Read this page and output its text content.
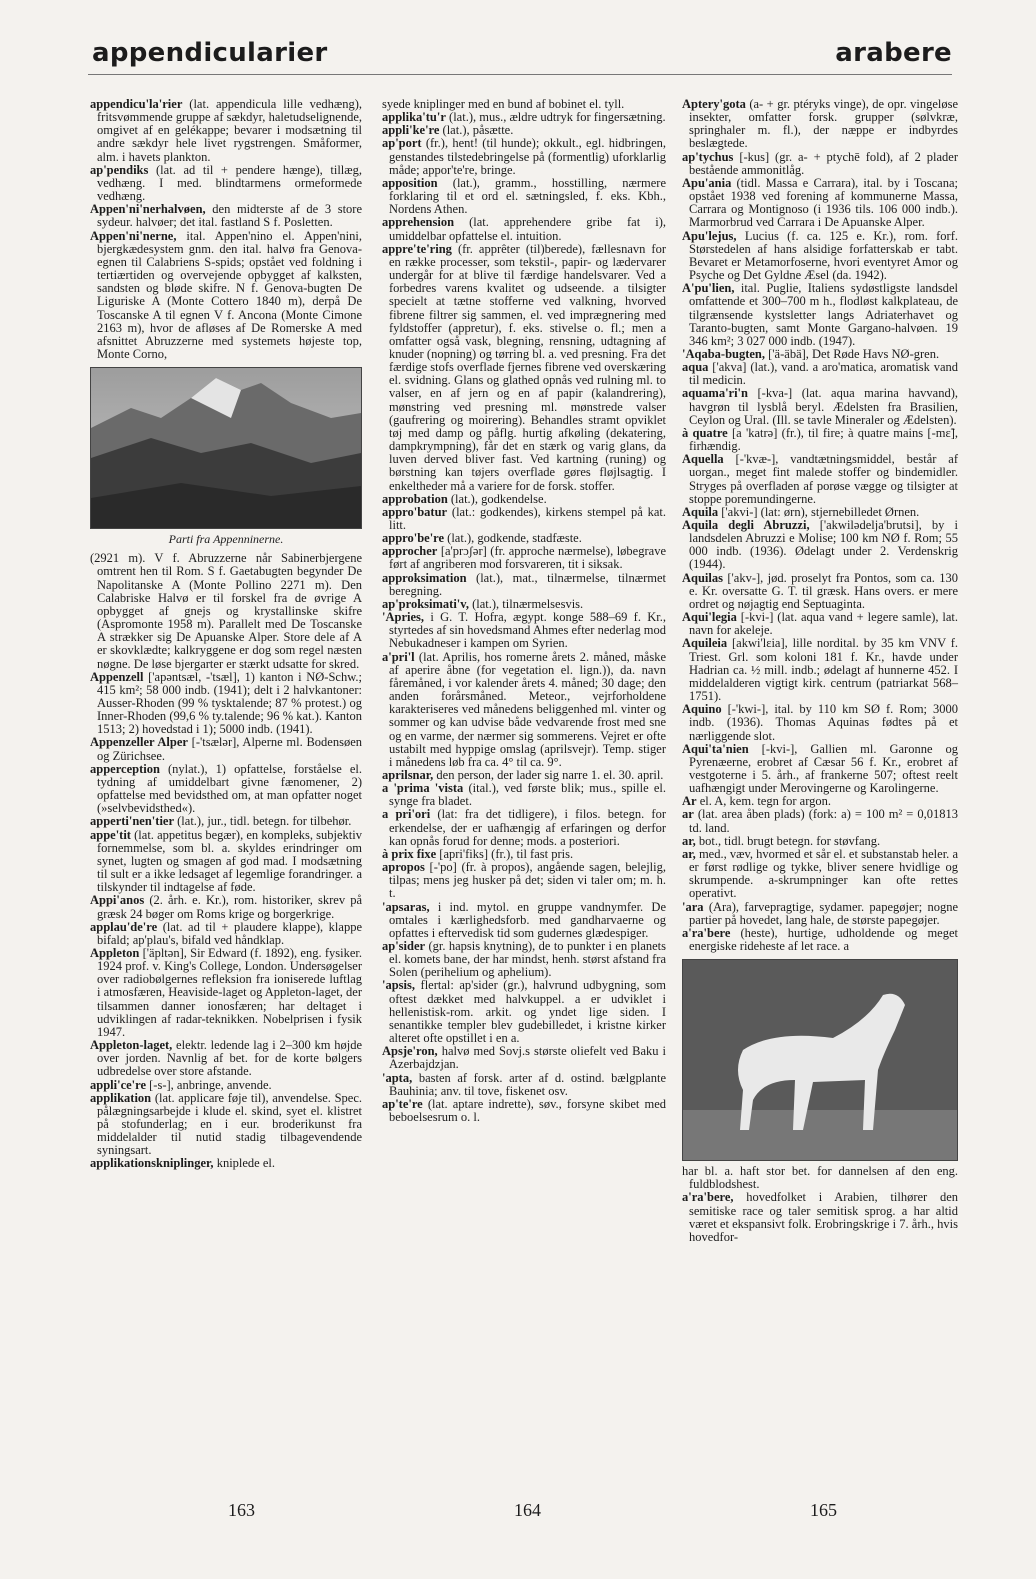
appendicularier	arabere

appendicu'la'rier (lat. appendicula lille vedhæng), fritsvømmende gruppe af sækdyr, haletudselignende, omgivet af en gelékappe; bevarer i modsætning til andre sækdyr hele livet rygstrengen. Småformer, alm. i havets plankton.

ap'pendiks (lat. ad til + pendere hænge), tillæg, vedhæng. I med. blindtarmens ormeformede vedhæng.

Appen'ni'nerhalvøen, den midterste af de 3 store sydeur. halvøer; det ital. fastland S f. Posletten.

Appen'ni'nerne, ital. Appen'nino el. Appen'nini, bjergkædesystem gnm. den ital. halvø fra Genova-egnen til Calabriens S-spids; opstået ved foldning i tertiærtiden og overvejende opbygget af kalksten, sandsten og bløde skifre. N f. Genova-bugten De Liguriske A (Monte Cottero 1840 m), derpå De Toscanske A til egnen V f. Ancona (Monte Cimone 2163 m), hvor de afløses af De Romerske A med afsnittet Abruzzerne med systemets højeste top, Monte Corno,

Parti fra Appenninerne.

(2921 m). V f. Abruzzerne når Sabinerbjergene omtrent hen til Rom. S f. Gaetabugten begynder De Napolitanske A (Monte Pollino 2271 m). Den Calabriske Halvø er til forskel fra de øvrige A opbygget af gnejs og krystallinske skifre (Aspromonte 1958 m). Parallelt med De Toscanske A strækker sig De Apuanske Alper. Store dele af A er skovklædte; kalkryggene er dog som regel næsten nøgne. De løse bjergarter er stærkt udsatte for skred.

Appenzell ['apəntsæl, -'tsæl], 1) kanton i NØ-Schw.; 415 km²; 58 000 indb. (1941); delt i 2 halvkantoner: Ausser-Rhoden (99 % tysktalende; 87 % protest.) og Inner-Rhoden (99,6 % ty.talende; 96 % kat.). Kanton 1513; 2) hovedstad i 1); 5000 indb. (1941).

Appenzeller Alper [-'tsælər], Alperne ml. Bodensøen og Zürichsee.

apperception (nylat.), 1) opfattelse, forståelse el. tydning af umiddelbart givne fænomener, 2) opfattelse med bevidsthed om, at man opfatter noget (»selvbevidsthed«).

apperti'nen'tier (lat.), jur., tidl. betegn. for tilbehør.

appe'tit (lat. appetitus begær), en kompleks, subjektiv fornemmelse, som bl. a. skyldes erindringer om synet, lugten og smagen af god mad. I modsætning til sult er a ikke ledsaget af legemlige forandringer. a tilskynder til indtagelse af føde.

Appi'anos (2. årh. e. Kr.), rom. historiker, skrev på græsk 24 bøger om Roms krige og borgerkrige.

applau'de're (lat. ad til + plaudere klappe), klappe bifald; ap'plau's, bifald ved håndklap.

Appleton ['äpltən], Sir Edward (f. 1892), eng. fysiker. 1924 prof. v. King's College, London. Undersøgelser over radiobølgernes refleksion fra ioniserede luftlag i atmosfæren, Heaviside-laget og Appleton-laget, der tilsammen danner ionosfæren; har deltaget i udviklingen af radar-teknikken. Nobelprisen i fysik 1947.

Appleton-laget, elektr. ledende lag i 2–300 km højde over jorden. Navnlig af bet. for de korte bølgers udbredelse over store afstande.

appli'ce're [-s-], anbringe, anvende.

applikation (lat. applicare føje til), anvendelse. Spec. pålægningsarbejde i klude el. skind, syet el. klistret på stofunderlag; en i eur. broderikunst fra middelalder til nutid stadig tilbagevendende syningsart.

applikationskniplinger, kniplede el.

syede kniplinger med en bund af bobinet el. tyll.

applika'tu'r (lat.), mus., ældre udtryk for fingersætning.

appli'ke're (lat.), påsætte.

ap'port (fr.), hent! (til hunde); okkult., egl. hidbringen, genstandes tilstedebringelse på (formentlig) uforklarlig måde; appor'te're, bringe.

apposition (lat.), gramm., hosstilling, nærmere forklaring til et ord el. sætningsled, f. eks. Kbh., Nordens Athen.

apprehension (lat. apprehendere gribe fat i), umiddelbar opfattelse el. intuition.

appre'te'ring (fr. apprêter (til)berede), fællesnavn for en række processer, som tekstil-, papir- og lædervarer undergår for at blive til færdige handelsvarer. Ved a forbedres varens kvalitet og udseende. a tilsigter specielt at tætne stofferne ved valkning, hvorved fibrene filtrer sig sammen, el. ved imprægnering med fyldstoffer (appretur), f. eks. stivelse o. fl.; men a omfatter også vask, blegning, rensning, udtagning af knuder (nopning) og tørring bl. a. ved presning. Fra det færdige stofs overflade fjernes fibrene ved overskæring el. svidning. Glans og glathed opnås ved rulning ml. to valser, en af jern og en af papir (kalandrering), mønstring ved presning ml. mønstrede valser (gaufrering og moirering). Behandles stramt opviklet tøj med damp og påflg. hurtig afkøling (dekatering, dampkrympning), får det en stærk og varig glans, da luven derved bliver fast. Ved kartning (runing) og børstning kan tøjers overflade gøres fløjlsagtig. I enkeltheder må a variere for de forsk. stoffer.

approbation (lat.), godkendelse.

appro'batur (lat.: godkendes), kirkens stempel på kat. litt.

appro'be're (lat.), godkende, stadfæste.

approcher [a'prɔʃər] (fr. approche nærmelse), løbegrave ført af angriberen mod forsvareren, tit i siksak.

approksimation (lat.), mat., tilnærmelse, tilnærmet beregning.

ap'proksimati'v, (lat.), tilnærmelsesvis.

'Apries, i G. T. Hofra, ægypt. konge 588–69 f. Kr., styrtedes af sin hovedsmand Ahmes efter nederlag mod Nebukadneser i kampen om Syrien.

a'pri'l (lat. Aprilis, hos romerne årets 2. måned, måske af aperire åbne (for vegetation el. lign.)), da. navn fåremåned, i vor kalender årets 4. måned; 30 dage; den anden forårsmåned. Meteor., vejrforholdene karakteriseres ved månedens beliggenhed ml. vinter og sommer og kan udvise både vedvarende frost med sne og en varme, der nærmer sig sommerens. Vejret er ofte ustabilt med hyppige omslag (aprilsvejr). Temp. stiger i månedens løb fra ca. 4° til ca. 9°.

aprilsnar, den person, der lader sig narre 1. el. 30. april.

a 'prima 'vista (ital.), ved første blik; mus., spille el. synge fra bladet.

a pri'ori (lat: fra det tidligere), i filos. betegn. for erkendelse, der er uafhængig af erfaringen og derfor kan opnås forud for denne; mods. a posteriori.

à prix fixe [apri'fiks] (fr.), til fast pris.

apropos [-'po] (fr. à propos), angående sagen, belejlig, tilpas; mens jeg husker på det; siden vi taler om; m. h. t.

'apsaras, i ind. mytol. en gruppe vandnymfer. De omtales i kærlighedsforb. med gandharvaerne og opfattes i eftervedisk tid som gudernes glædespiger.

ap'sider (gr. hapsis knytning), de to punkter i en planets el. komets bane, der har mindst, henh. størst afstand fra Solen (perihelium og aphelium).

'apsis, flertal: ap'sider (gr.), halvrund udbygning, som oftest dækket med halvkuppel. a er udviklet i hellenistisk-rom. arkit. og yndet lige siden. I senantikke templer blev gudebilledet, i kristne kirker alteret ofte opstillet i en a.

Apsje'ron, halvø med Sovj.s største oliefelt ved Baku i Azerbajdzjan.

'apta, basten af forsk. arter af d. ostind. bælgplante Bauhinia; anv. til tove, fiskenet osv.

ap'te're (lat. aptare indrette), søv., forsyne skibet med beboelsesrum o. l.

Aptery'gota (a- + gr. ptéryks vinge), de opr. vingeløse insekter, omfatter forsk. grupper (sølvkræ, springhaler m. fl.), der næppe er indbyrdes beslægtede.

ap'tychus [-kus] (gr. a- + ptychē fold), af 2 plader bestående ammonitlåg.

Apu'ania (tidl. Massa e Carrara), ital. by i Toscana; opstået 1938 ved forening af kommunerne Massa, Carrara og Montignoso (i 1936 tils. 106 000 indb.). Marmorbrud ved Carrara i De Apuanske Alper.

Apu'lejus, Lucius (f. ca. 125 e. Kr.), rom. forf. Størstedelen af hans alsidige forfatterskab er tabt. Bevaret er Metamorfoserne, hvori eventyret Amor og Psyche og Det Gyldne Æsel (da. 1942).

A'pu'lien, ital. Puglie, Italiens sydøstligste landsdel omfattende et 300–700 m h., flodløst kalkplateau, de tilgrænsende kystsletter langs Adriaterhavet og Taranto-bugten, samt Monte Gargano-halvøen. 19 346 km²; 3 027 000 indb. (1947).

'Aqaba-bugten, ['ä-äbä], Det Røde Havs NØ-gren.

aqua ['akva] (lat.), vand. a aro'matica, aromatisk vand til medicin.

aquama'ri'n [-kva-] (lat. aqua marina havvand), havgrøn til lysblå beryl. Ædelsten fra Brasilien, Ceylon og Ural. (Ill. se tavle Mineraler og Ædelsten).

à quatre [a 'katrə] (fr.), til fire; à quatre mains [-mɛ̃], firhændig.

Aquella [-'kvæ-], vandtætningsmiddel, består af uorgan., meget fint malede stoffer og bindemidler. Stryges på overfladen af porøse vægge og tilsigter at stoppe poremundingerne.

Aquila ['akvi-] (lat: ørn), stjernebilledet Ørnen.

Aquila degli Abruzzi, ['akwilədelja'brutsi], by i landsdelen Abruzzi e Molise; 100 km NØ f. Rom; 55 000 indb. (1936). Ødelagt under 2. Verdenskrig (1944).

Aquilas ['akv-], jød. proselyt fra Pontos, som ca. 130 e. Kr. oversatte G. T. til græsk. Hans overs. er mere ordret og nøjagtig end Septuaginta.

Aqui'legia [-kvi-] (lat. aqua vand + legere samle), lat. navn for akeleje.

Aquileia [akwi'lɛia], lille nordital. by 35 km VNV f. Triest. Grl. som koloni 181 f. Kr., havde under Hadrian ca. ½ mill. indb.; ødelagt af hunnerne 452. I middelalderen vigtigt kirk. centrum (patriarkat 568–1751).

Aquino [-'kwi-], ital. by 110 km SØ f. Rom; 3000 indb. (1936). Thomas Aquinas fødtes på et nærliggende slot.

Aqui'ta'nien [-kvi-], Gallien ml. Garonne og Pyrenæerne, erobret af Cæsar 56 f. Kr., erobret af vestgoterne i 5. årh., af frankerne 507; oftest reelt uafhængigt under Merovingerne og Karolingerne.

Ar el. A, kem. tegn for argon.

ar (lat. area åben plads) (fork: a) = 100 m² = 0,01813 td. land.

ar, bot., tidl. brugt betegn. for støvfang.

ar, med., væv, hvormed et sår el. et substanstab heler. a er først rødlige og tykke, bliver senere hvidlige og skrumpende. a-skrumpninger kan ofte rettes operativt.

'ara (Ara), farvepragtige, sydamer. papegøjer; nogne partier på hovedet, lang hale, de største papegøjer.

a'ra'bere (heste), hurtige, udholdende og meget energiske rideheste af let race. a

har bl. a. haft stor bet. for dannelsen af den eng. fuldblodshest.

a'ra'bere, hovedfolket i Arabien, tilhører den semitiske race og taler semitisk sprog. a har altid været et ekspansivt folk. Erobringskrige i 7. årh., hvis hovedfor-

163	164	165
